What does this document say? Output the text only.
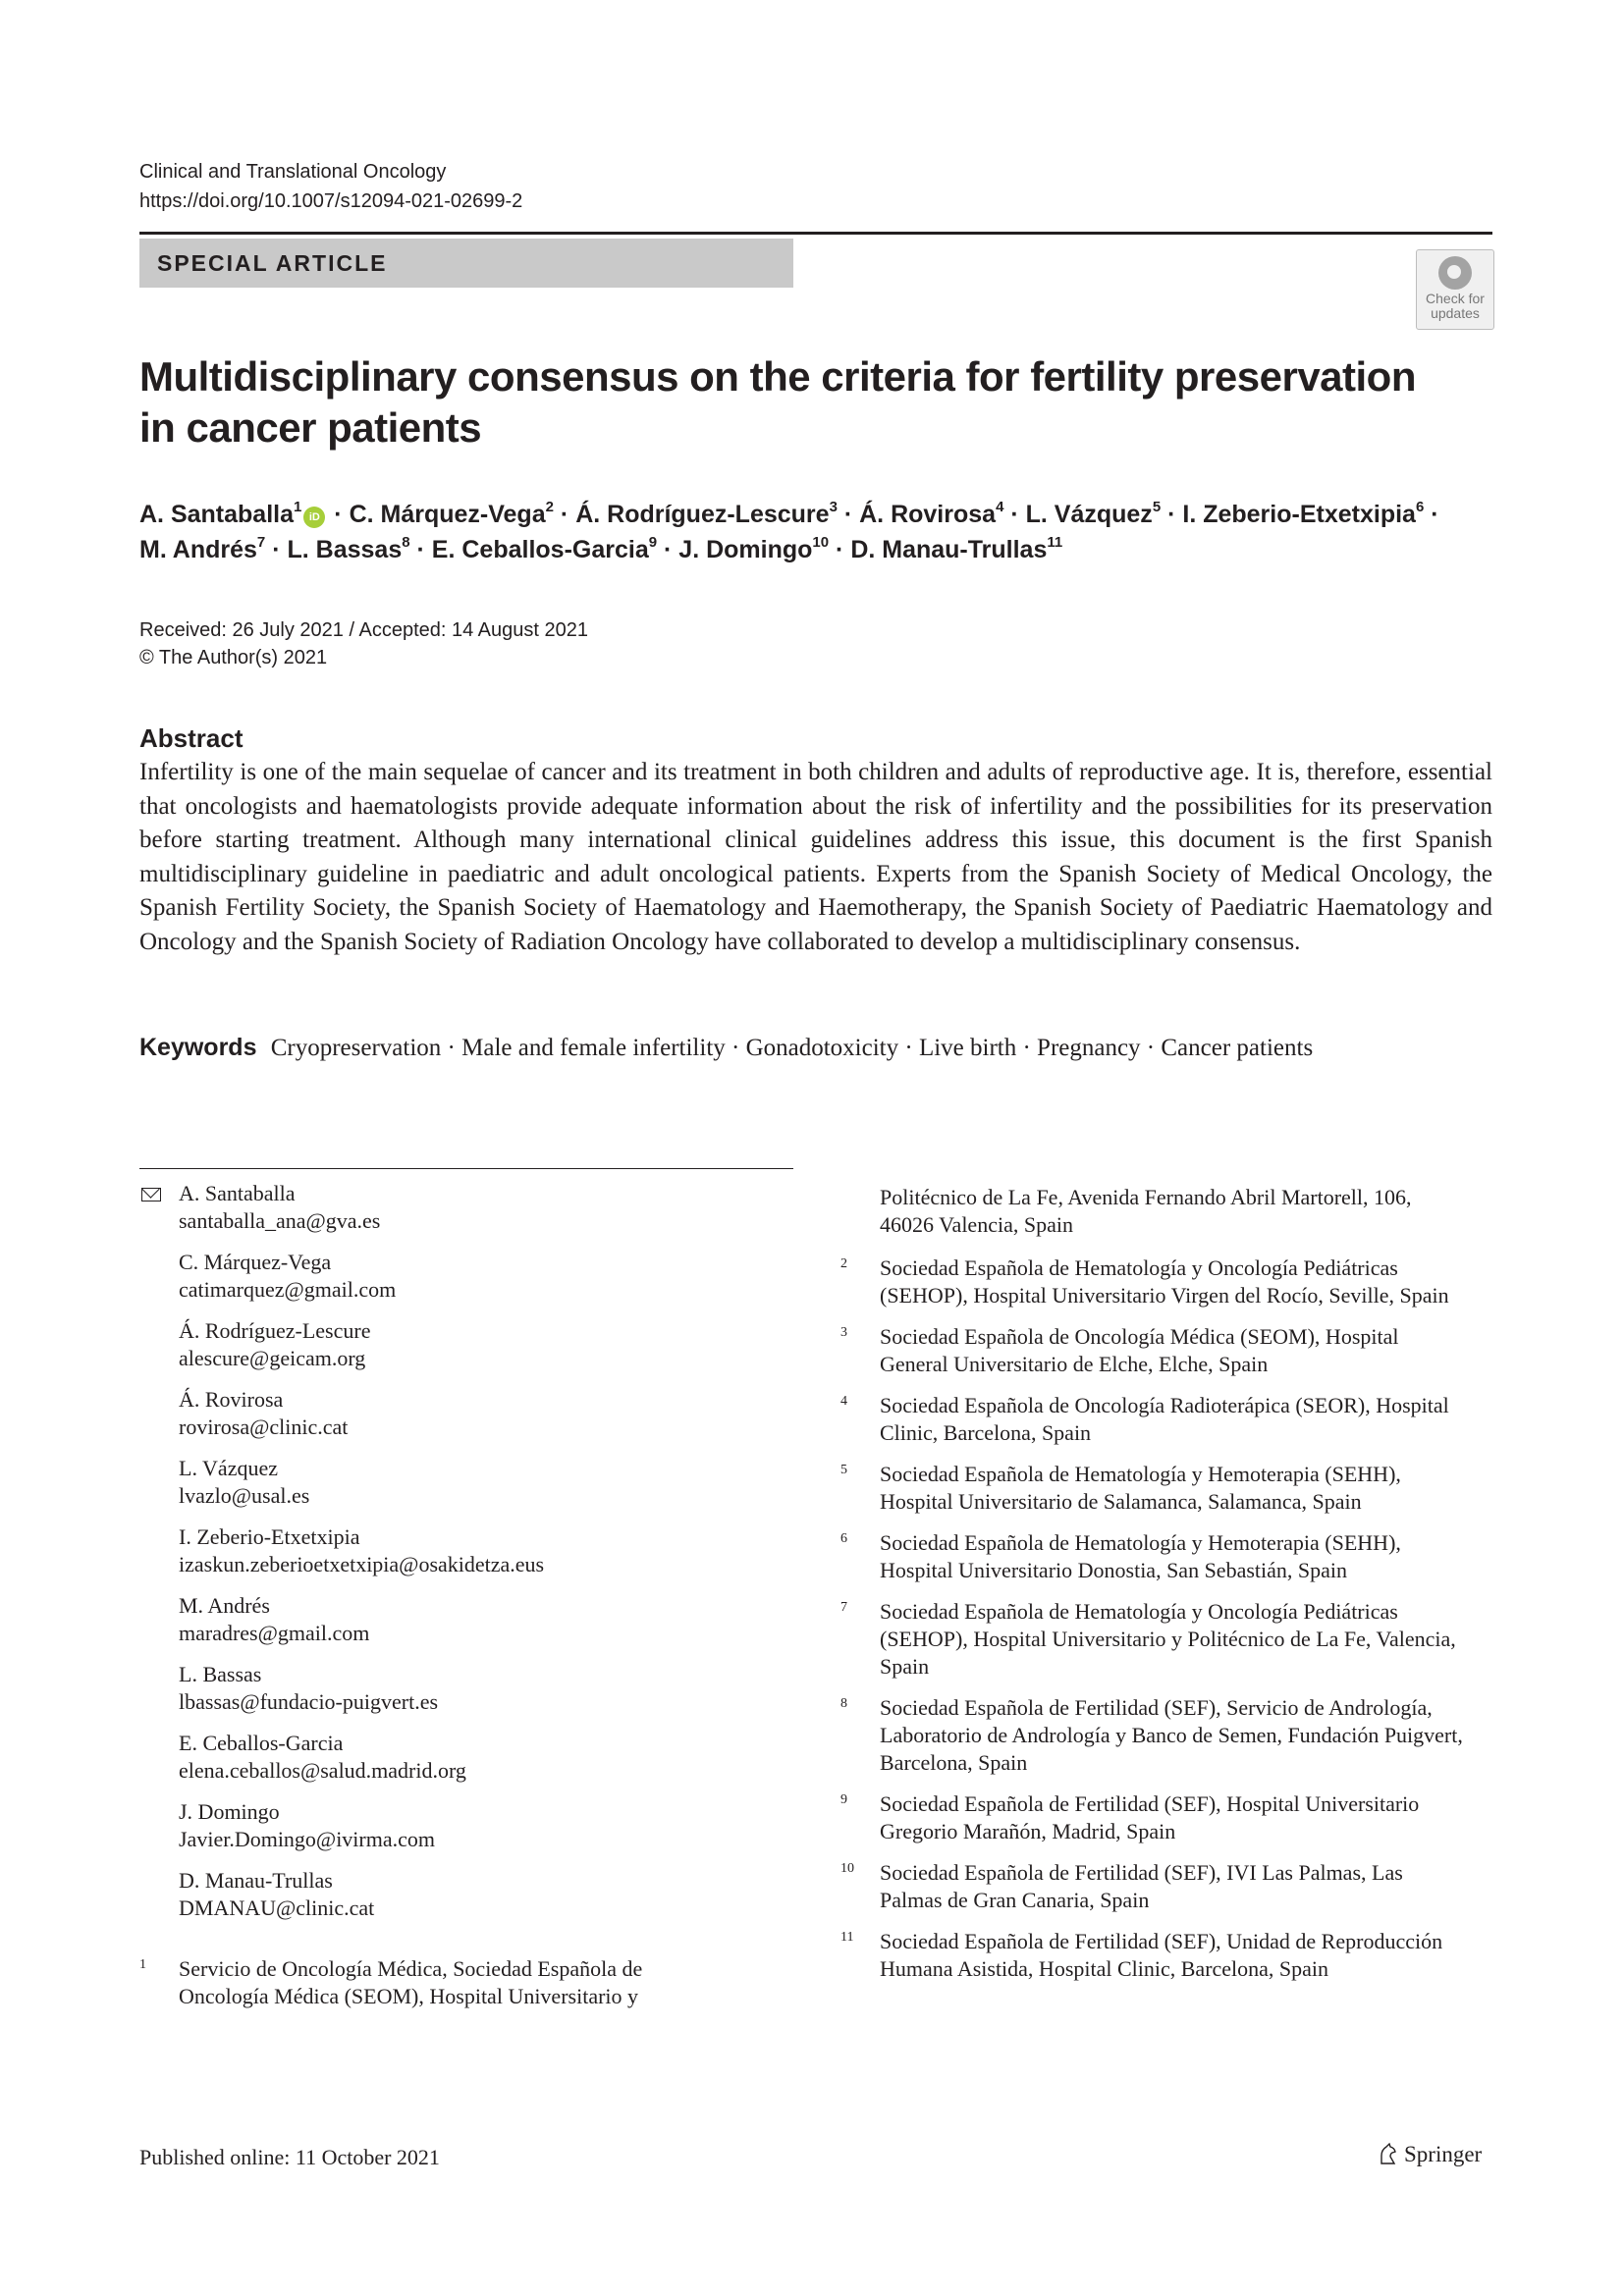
Clinical and Translational Oncology
https://doi.org/10.1007/s12094-021-02699-2
SPECIAL ARTICLE
Check for
updates
Multidisciplinary consensus on the criteria for fertility preservation in cancer patients
A. Santaballa$^1$iD · C. Márquez-Vega$^2$ · Á. Rodríguez-Lescure$^3$ · Á. Rovirosa$^4$ · L. Vázquez$^5$ · I. Zeberio-Etxetxipia$^6$ ·
M. Andrés$^7$ · L. Bassas$^8$ · E. Ceballos-Garcia$^9$ · J. Domingo$^{10}$ · D. Manau-Trullas$^{11}$
Received: 26 July 2021 / Accepted: 14 August 2021
© The Author(s) 2021
Abstract
Infertility is one of the main sequelae of cancer and its treatment in both children and adults of reproductive age. It is, therefore, essential that oncologists and haematologists provide adequate information about the risk of infertility and the possibilities for its preservation before starting treatment. Although many international clinical guidelines address this issue, this document is the first Spanish multidisciplinary guideline in paediatric and adult oncological patients. Experts from the Spanish Society of Medical Oncology, the Spanish Fertility Society, the Spanish Society of Haematology and Haemotherapy, the Spanish Society of Paediatric Haematology and Oncology and the Spanish Society of Radiation Oncology have collaborated to develop a multidisciplinary consensus.
Keywords Cryopreservation · Male and female infertility · Gonadotoxicity · Live birth · Pregnancy · Cancer patients
A. Santaballa
santaballa_ana@gva.es
C. Márquez-Vega
catimarquez@gmail.com
Á. Rodríguez-Lescure
alescure@geicam.org
Á. Rovirosa
rovirosa@clinic.cat
L. Vázquez
lvazlo@usal.es
I. Zeberio-Etxetxipia
izaskun.zeberioetxetxipia@osakidetza.eus
M. Andrés
maradres@gmail.com
L. Bassas
lbassas@fundacio-puigvert.es
E. Ceballos-Garcia
elena.ceballos@salud.madrid.org
J. Domingo
Javier.Domingo@ivirma.com
D. Manau-Trullas
DMANAU@clinic.cat
1 Servicio de Oncología Médica, Sociedad Española de Oncología Médica (SEOM), Hospital Universitario y
Politécnico de La Fe, Avenida Fernando Abril Martorell, 106, 46026 Valencia, Spain
2 Sociedad Española de Hematología y Oncología Pediátricas (SEHOP), Hospital Universitario Virgen del Rocío, Seville, Spain
3 Sociedad Española de Oncología Médica (SEOM), Hospital General Universitario de Elche, Elche, Spain
4 Sociedad Española de Oncología Radioterápica (SEOR), Hospital Clinic, Barcelona, Spain
5 Sociedad Española de Hematología y Hemoterapia (SEHH), Hospital Universitario de Salamanca, Salamanca, Spain
6 Sociedad Española de Hematología y Hemoterapia (SEHH), Hospital Universitario Donostia, San Sebastián, Spain
7 Sociedad Española de Hematología y Oncología Pediátricas (SEHOP), Hospital Universitario y Politécnico de La Fe, Valencia, Spain
8 Sociedad Española de Fertilidad (SEF), Servicio de Andrología, Laboratorio de Andrología y Banco de Semen, Fundación Puigvert, Barcelona, Spain
9 Sociedad Española de Fertilidad (SEF), Hospital Universitario Gregorio Marañón, Madrid, Spain
10 Sociedad Española de Fertilidad (SEF), IVI Las Palmas, Las Palmas de Gran Canaria, Spain
11 Sociedad Española de Fertilidad (SEF), Unidad de Reproducción Humana Asistida, Hospital Clinic, Barcelona, Spain
Published online: 11 October 2021	Springer
